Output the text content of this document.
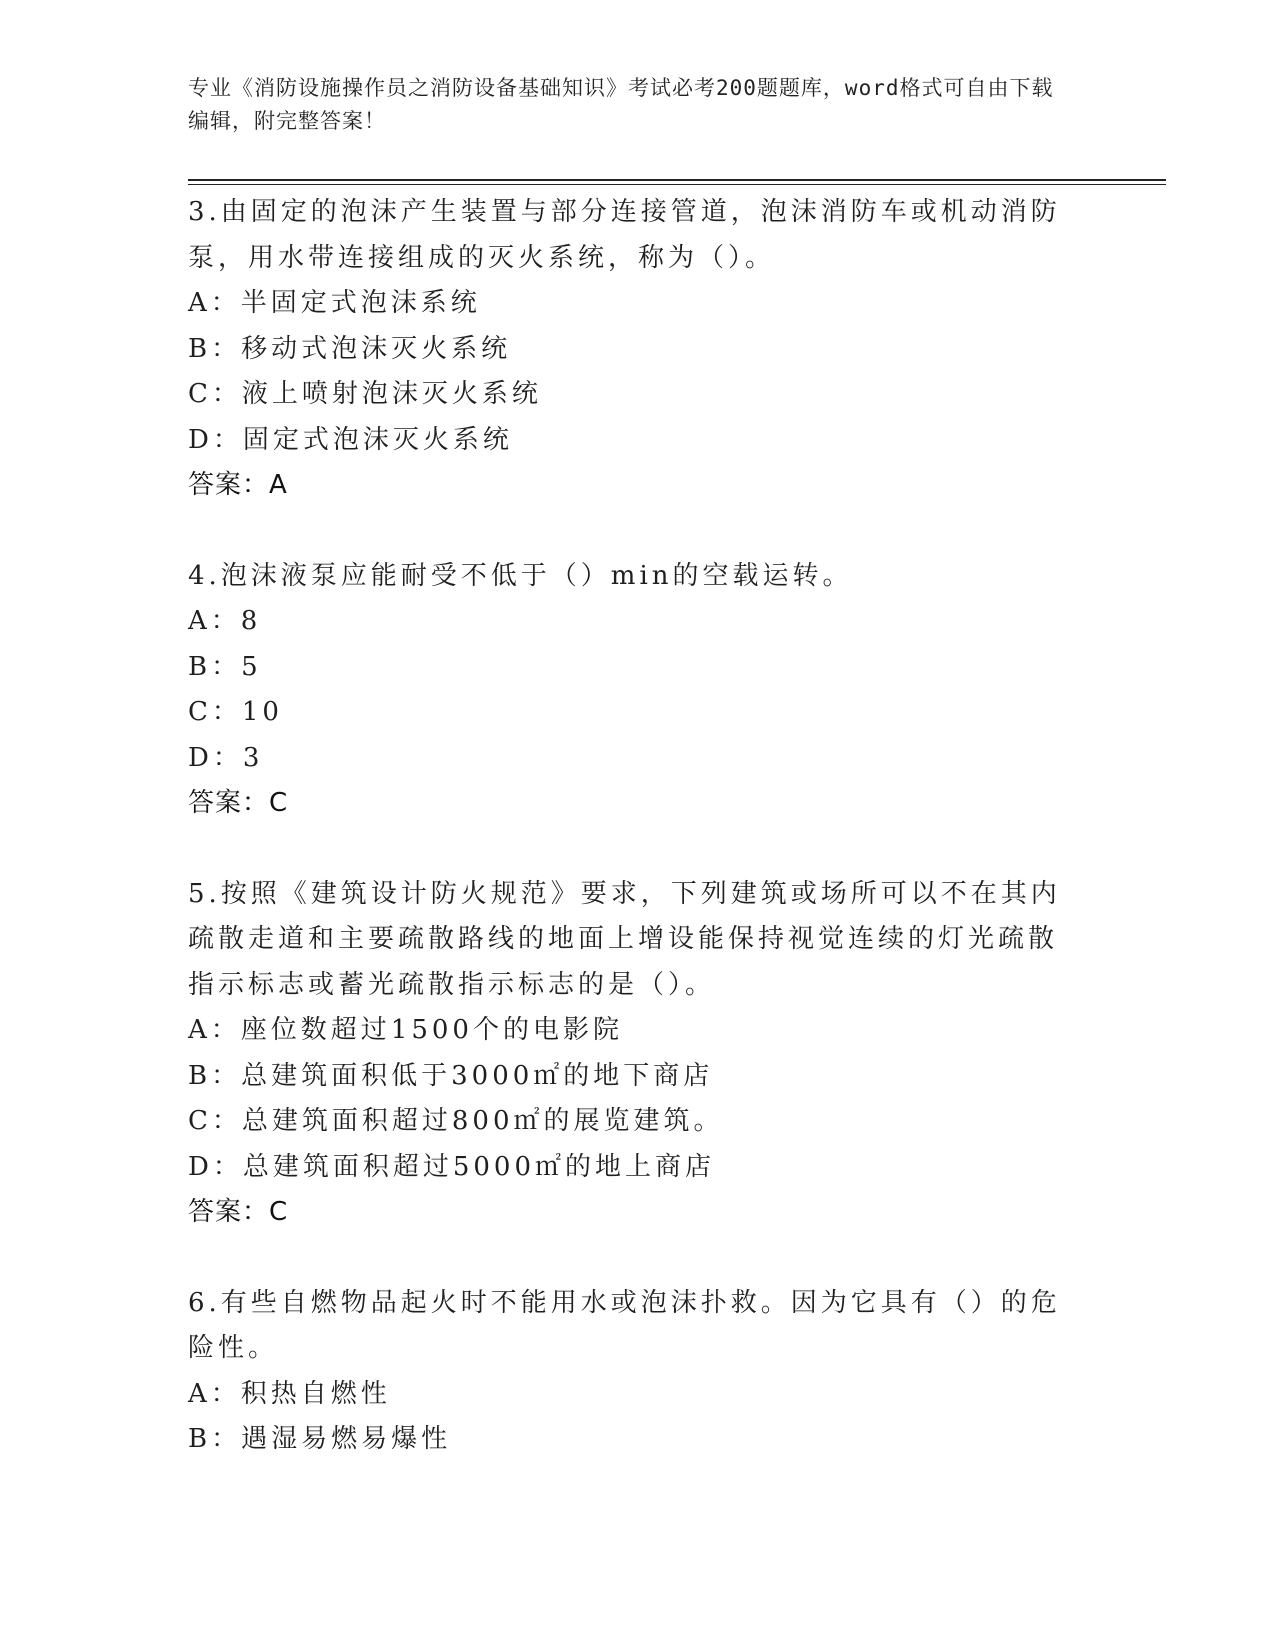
专业《消防设施操作员之消防设备基础知识》考试必考200题题库，word格式可自由下载编辑，附完整答案！
3.由固定的泡沫产生装置与部分连接管道，泡沫消防车或机动消防泵，用水带连接组成的灭火系统，称为（）。
A：半固定式泡沫系统
B：移动式泡沫灭火系统
C：液上喷射泡沫灭火系统
D：固定式泡沫灭火系统
答案：A
4.泡沫液泵应能耐受不低于（）min的空载运转。
A：8
B：5
C：10
D：3
答案：C
5.按照《建筑设计防火规范》要求，下列建筑或场所可以不在其内疏散走道和主要疏散路线的地面上增设能保持视觉连续的灯光疏散指示标志或蓄光疏散指示标志的是（）。
A：座位数超过1500个的电影院
B：总建筑面积低于3000㎡的地下商店
C：总建筑面积超过800㎡的展览建筑。
D：总建筑面积超过5000㎡的地上商店
答案：C
6.有些自燃物品起火时不能用水或泡沫扑救。因为它具有（）的危险性。
A：积热自燃性
B：遇湿易燃易爆性
